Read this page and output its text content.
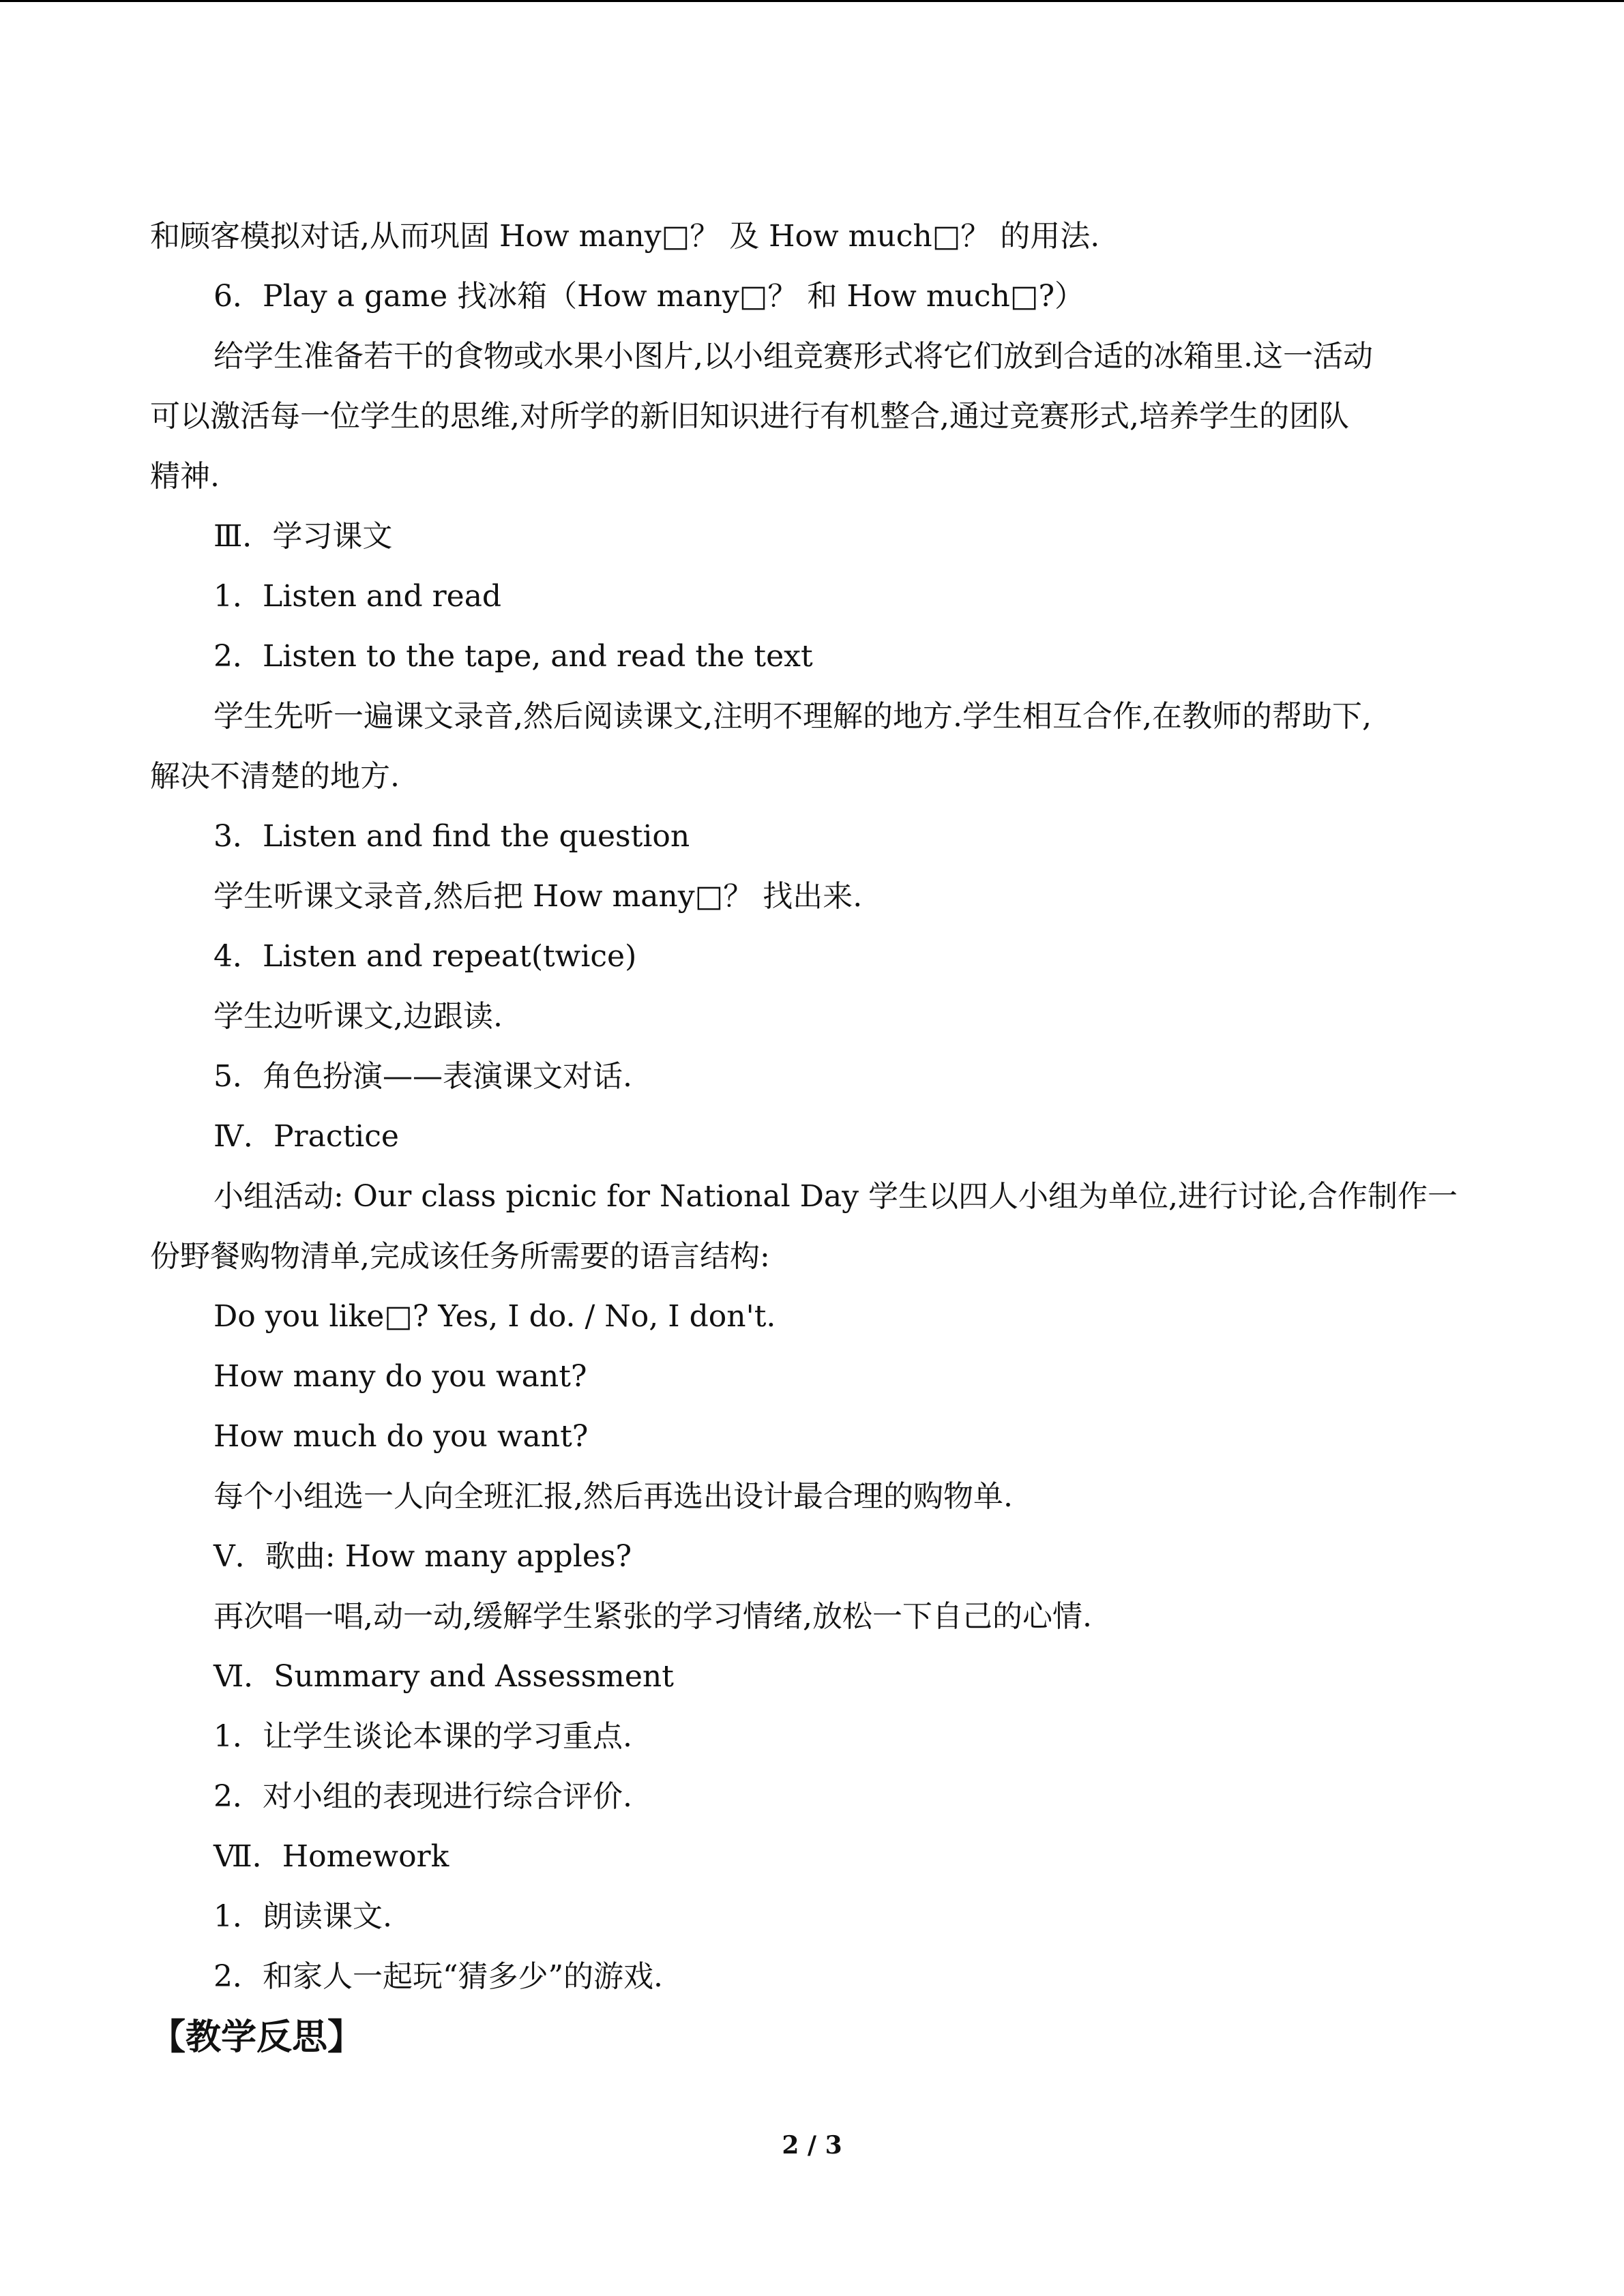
和顾客模拟对话,从而巩固 How many□？ 及 How much□？ 的用法.
6．Play a game 找冰箱（How many□？ 和 How much□?）
给学生准备若干的食物或水果小图片,以小组竞赛形式将它们放到合适的冰箱里.这一活动
可以激活每一位学生的思维,对所学的新旧知识进行有机整合,通过竞赛形式,培养学生的团队
精神.
Ⅲ．学习课文
1．Listen and read
2．Listen to the tape, and read the text
学生先听一遍课文录音,然后阅读课文,注明不理解的地方.学生相互合作,在教师的帮助下,
解决不清楚的地方.
3．Listen and find the question
学生听课文录音,然后把 How many□？ 找出来.
4．Listen and repeat(twice)
学生边听课文,边跟读.
5．角色扮演——表演课文对话.
Ⅳ．Practice
小组活动: Our class picnic for National Day 学生以四人小组为单位,进行讨论,合作制作一
份野餐购物清单,完成该任务所需要的语言结构:
Do you like□? Yes, I do. / No, I don't.
How many do you want?
How much do you want?
每个小组选一人向全班汇报,然后再选出设计最合理的购物单.
Ⅴ．歌曲: How many apples?
再次唱一唱,动一动,缓解学生紧张的学习情绪,放松一下自己的心情.
Ⅵ．Summary and Assessment
1．让学生谈论本课的学习重点.
2．对小组的表现进行综合评价.
Ⅶ．Homework
1．朗读课文.
2．和家人一起玩“猜多少”的游戏.
【教学反思】
2 / 3
